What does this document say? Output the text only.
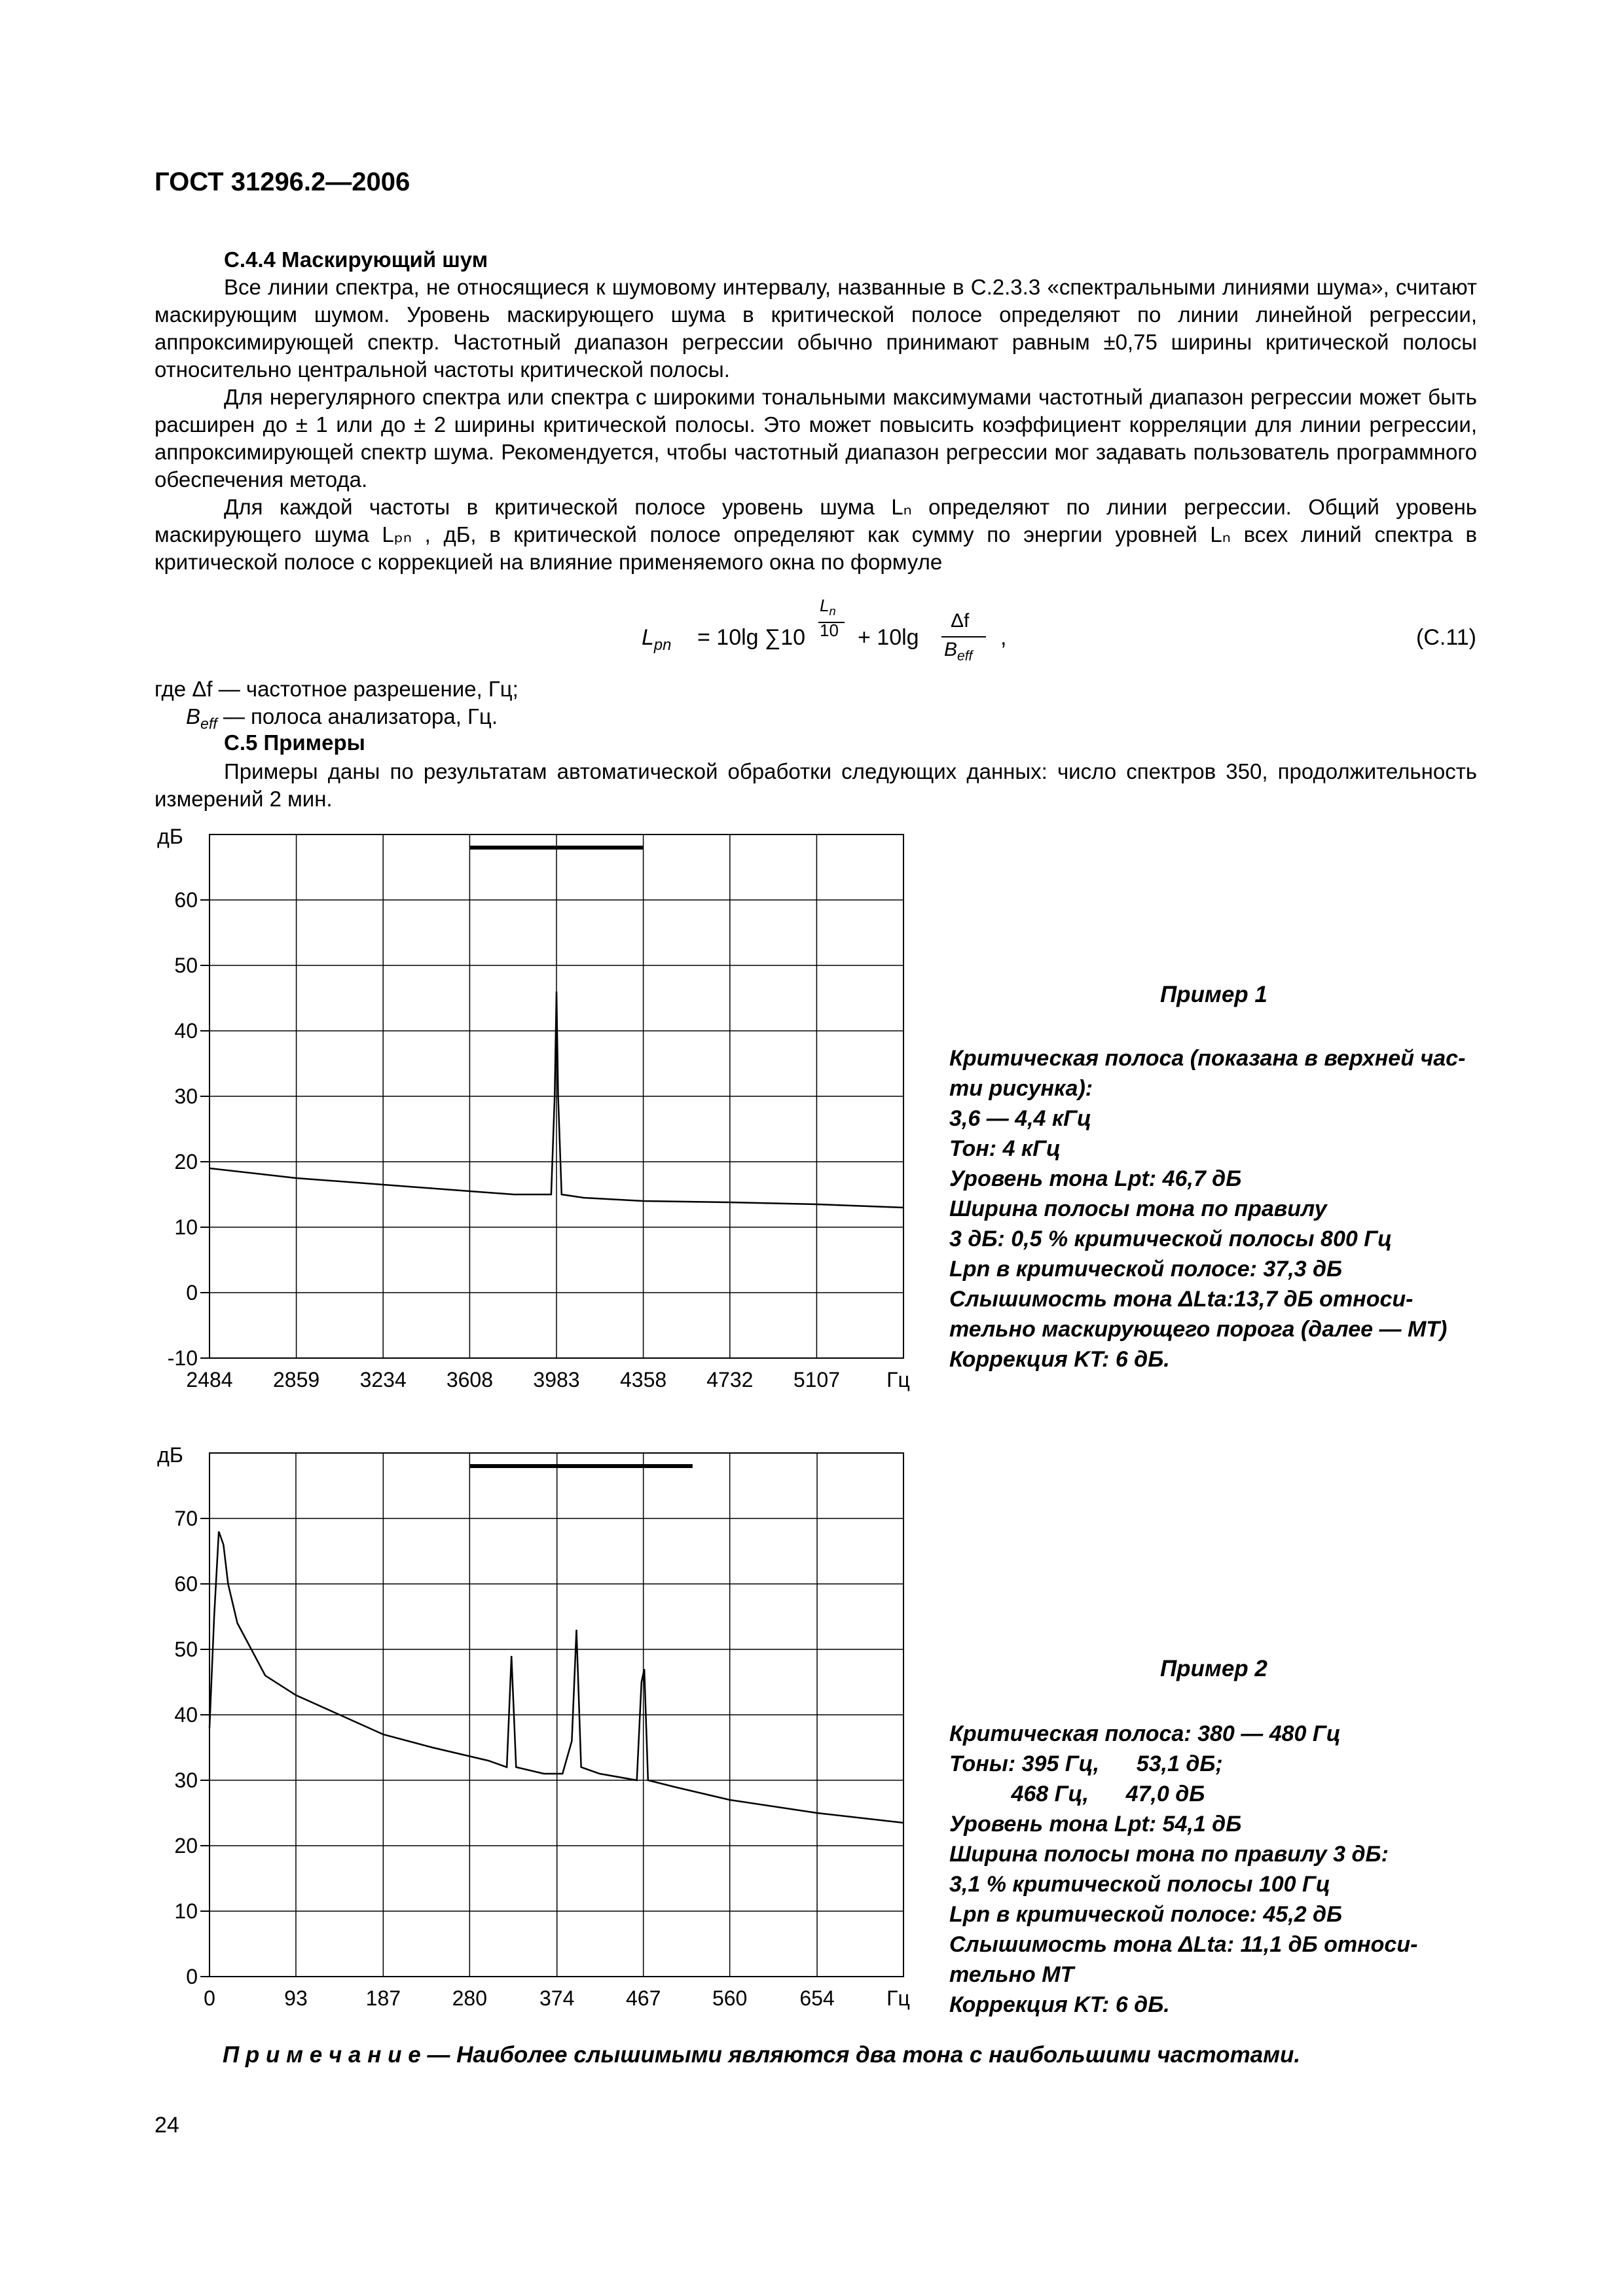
ГОСТ 31296.2—2006
C.4.4 Маскирующий шум
Все линии спектра, не относящиеся к шумовому интервалу, названные в C.2.3.3 «спектральными линиями шума», считают маскирующим шумом. Уровень маскирующего шума в критической полосе определяют по линии линейной регрессии, аппроксимирующей спектр. Частотный диапазон регрессии обычно принимают равным ±0,75 ширины критической полосы относительно центральной частоты критической полосы.
Для нерегулярного спектра или спектра с широкими тональными максимумами частотный диапазон регрессии может быть расширен до ± 1 или до ± 2 ширины критической полосы. Это может повысить коэффициент корреляции для линии регрессии, аппроксимирующей спектр шума. Рекомендуется, чтобы частотный диапазон регрессии мог задавать пользователь программного обеспечения метода.
Для каждой частоты в критической полосе уровень шума Lₙ определяют по линии регрессии. Общий уровень маскирующего шума Lₚₙ , дБ, в критической полосе определяют как сумму по энергии уровней Lₙ всех линий спектра в критической полосе с коррекцией на влияние применяемого окна по формуле
$L_{pn} = 10\lg$ ∑10
$L_n$
10 + 10lg
Δf
$B_{eff}$
,	(C.11)
где Δf — частотное разрешение, Гц;
$B_{eff}$ — полоса анализатора, Гц.
C.5 Примеры
Примеры даны по результатам автоматической обработки следующих данных: число спектров 350, продолжительность измерений 2 мин.
2484 2859 3234 3608 3983 4358 4732 5107 Гц
60
50
40
30
20
10
0
-10
дБ
Пример 1
Критическая полоса (показана в верхней час-
ти рисунка):
3,6 — 4,4 кГц
Тон: 4 кГц
Уровень тона Lpt: 46,7 дБ
Ширина полосы тона по правилу
3 дБ: 0,5 % критической полосы 800 Гц
Lpn в критической полосе: 37,3 дБ
Слышимость тона ΔLta:13,7 дБ относи-
тельно маскирующего порога (далее — МТ)
Коррекция KT: 6 дБ.
0	93	187 280 374 467 560 654 Гц
70
60
50
40
30
20
10
0
дБ
Пример 2
Критическая полоса: 380 — 480 Гц
Тоны: 395 Гц,      53,1 дБ;
468 Гц,      47,0 дБ
Уровень тона Lpt: 54,1 дБ
Ширина полосы тона по правилу 3 дБ:
3,1 % критической полосы 100 Гц
Lpn в критической полосе: 45,2 дБ
Слышимость тона ΔLta: 11,1 дБ относи-
тельно МТ
Коррекция KT: 6 дБ.
П р и м е ч а н и е — Наиболее слышимыми являются два тона с наибольшими частотами.
24
